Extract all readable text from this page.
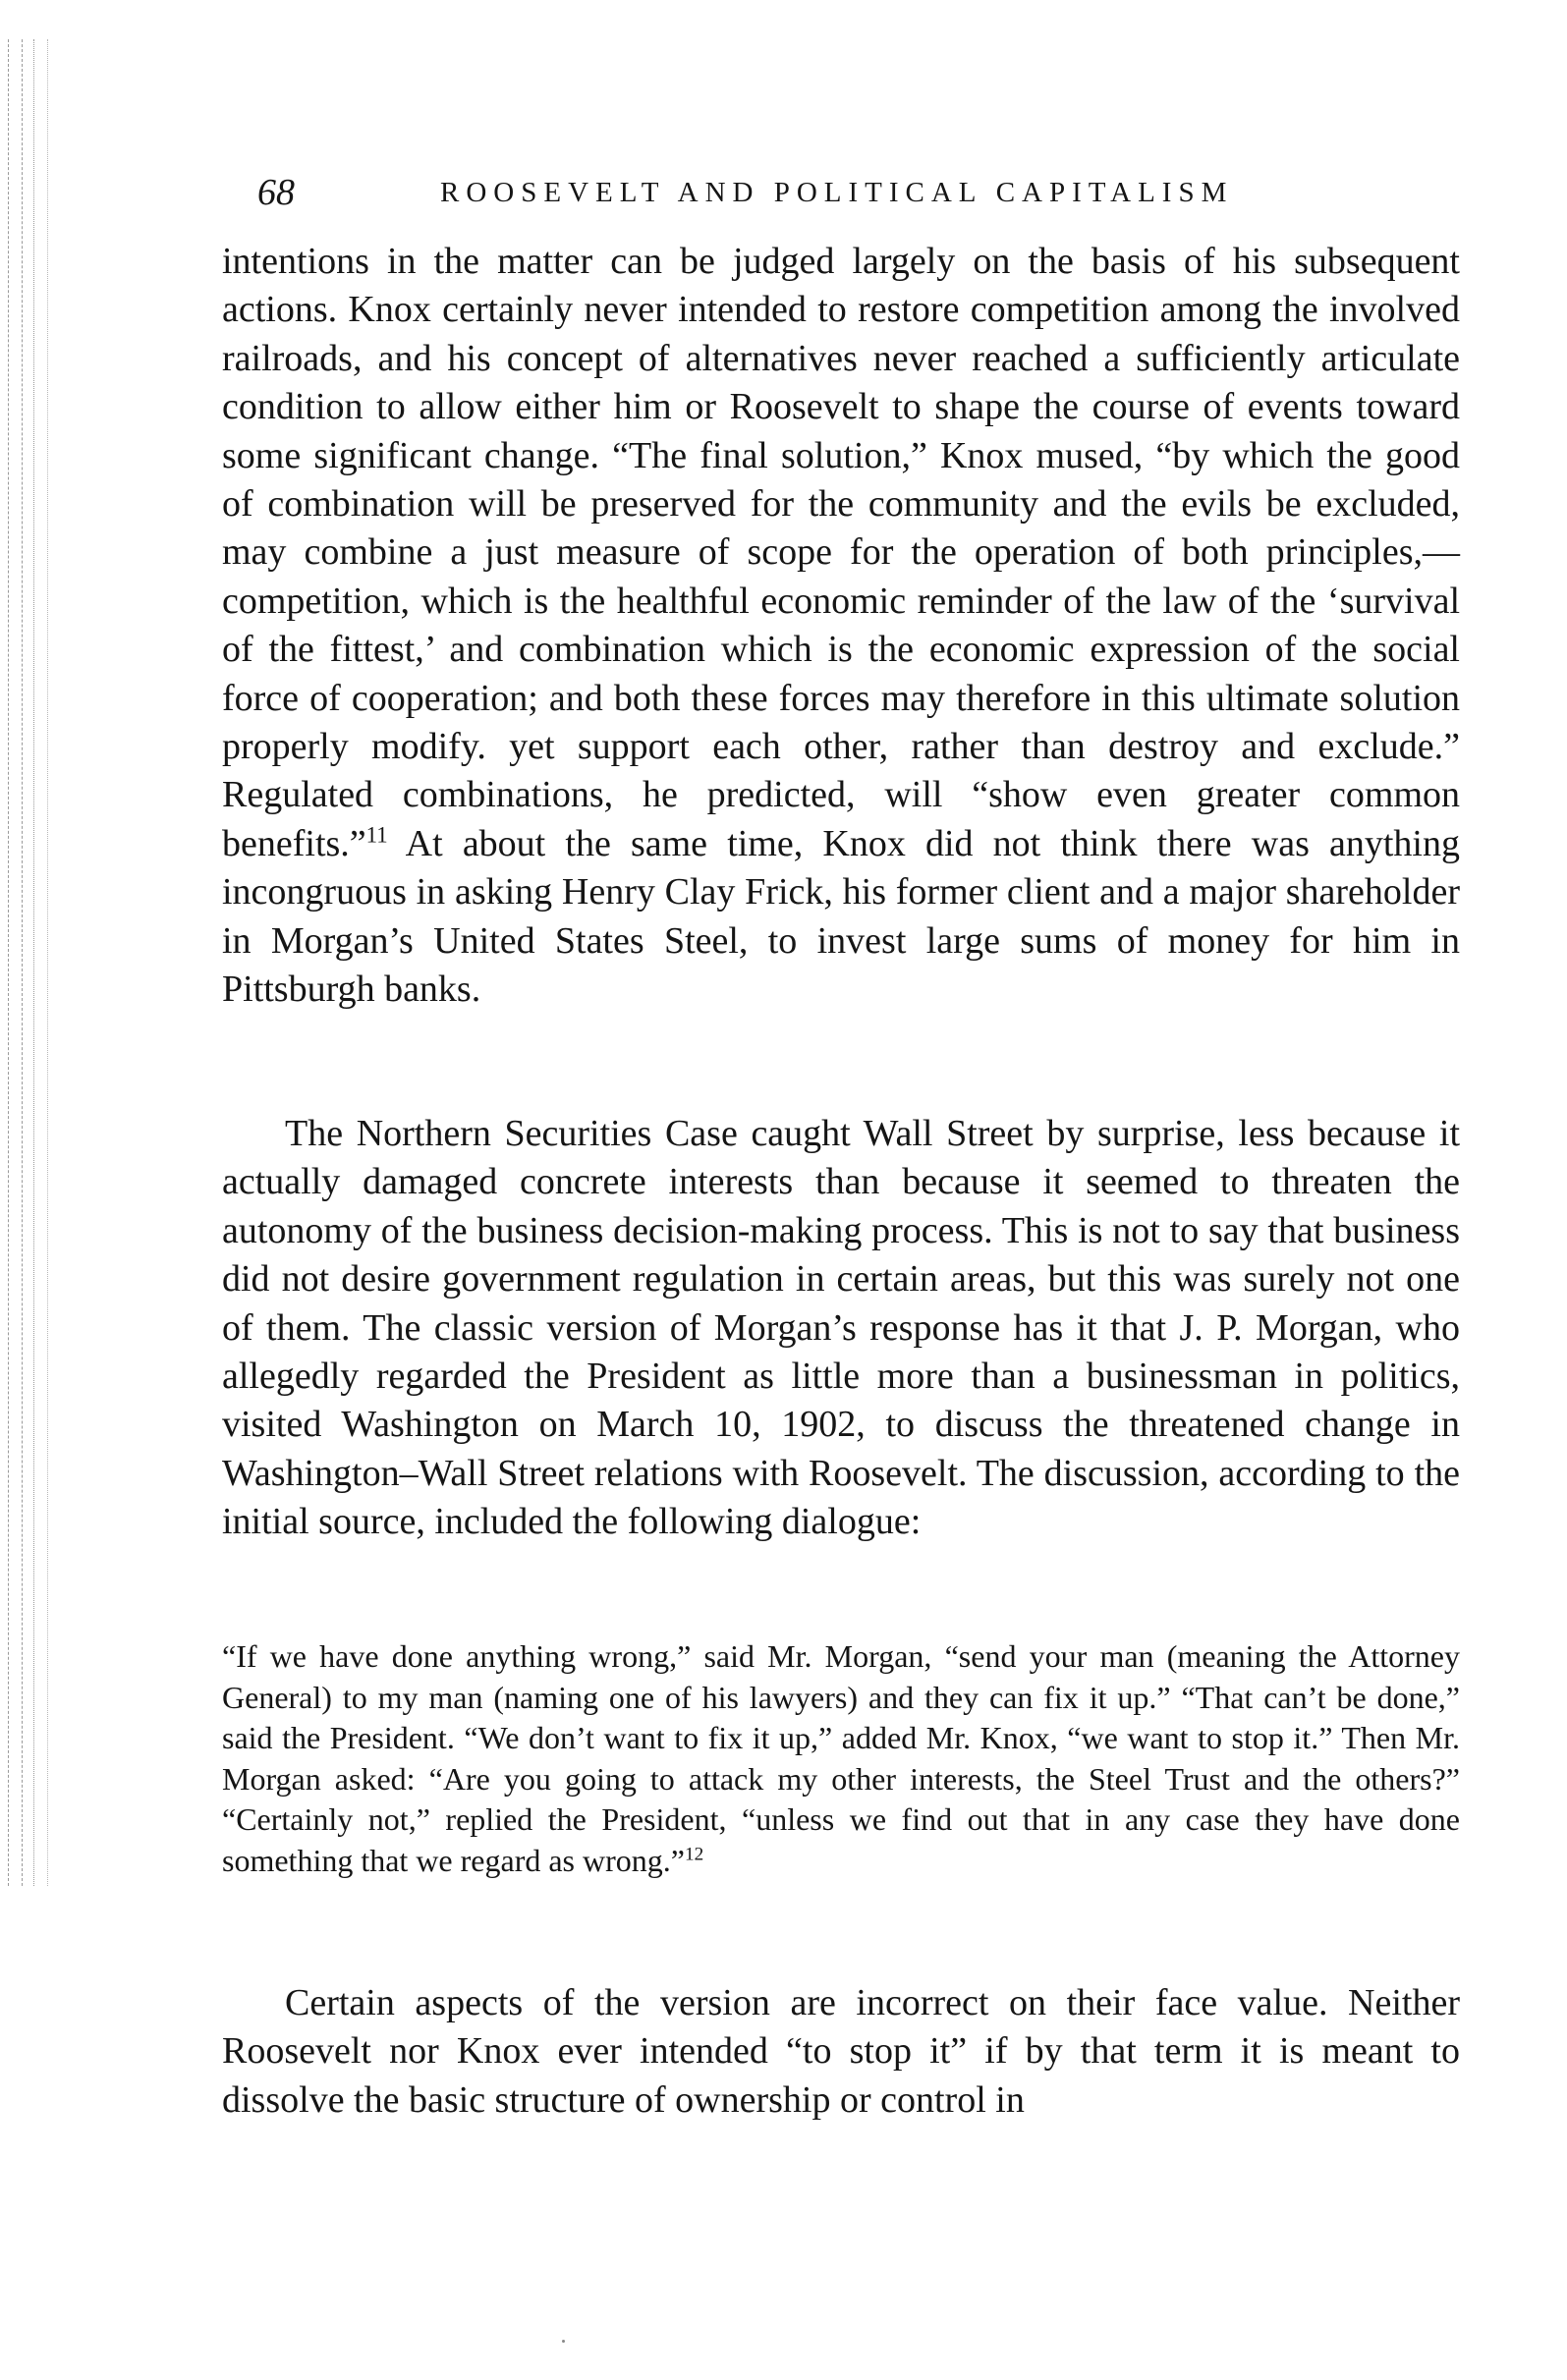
68	ROOSEVELT AND POLITICAL CAPITALISM

intentions in the matter can be judged largely on the basis of his subsequent actions. Knox certainly never intended to restore competition among the involved railroads, and his concept of alternatives never reached a sufficiently articulate condition to allow either him or Roosevelt to shape the course of events toward some significant change. “The final solution,” Knox mused, “by which the good of combination will be preserved for the community and the evils be excluded, may combine a just measure of scope for the operation of both principles,—competition, which is the healthful economic reminder of the law of the ‘survival of the fittest,’ and combination which is the economic expression of the social force of cooperation; and both these forces may therefore in this ultimate solution properly modify. yet support each other, rather than destroy and exclude.” Regulated combinations, he predicted, will “show even greater common benefits.”$^{11}$ At about the same time, Knox did not think there was anything incongruous in asking Henry Clay Frick, his former client and a major shareholder in Morgan’s United States Steel, to invest large sums of money for him in Pittsburgh banks.

The Northern Securities Case caught Wall Street by surprise, less because it actually damaged concrete interests than because it seemed to threaten the autonomy of the business decision-making process. This is not to say that business did not desire government regulation in certain areas, but this was surely not one of them. The classic version of Morgan’s response has it that J. P. Morgan, who allegedly regarded the President as little more than a businessman in politics, visited Washington on March 10, 1902, to discuss the threatened change in Washington–Wall Street relations with Roosevelt. The discussion, according to the initial source, included the following dialogue:

“If we have done anything wrong,” said Mr. Morgan, “send your man (meaning the Attorney General) to my man (naming one of his lawyers) and they can fix it up.” “That can’t be done,” said the President. “We don’t want to fix it up,” added Mr. Knox, “we want to stop it.” Then Mr. Morgan asked: “Are you going to attack my other interests, the Steel Trust and the others?” “Certainly not,” replied the President, “unless we find out that in any case they have done something that we regard as wrong.”$^{12}$

Certain aspects of the version are incorrect on their face value. Neither Roosevelt nor Knox ever intended “to stop it” if by that term it is meant to dissolve the basic structure of ownership or control in
